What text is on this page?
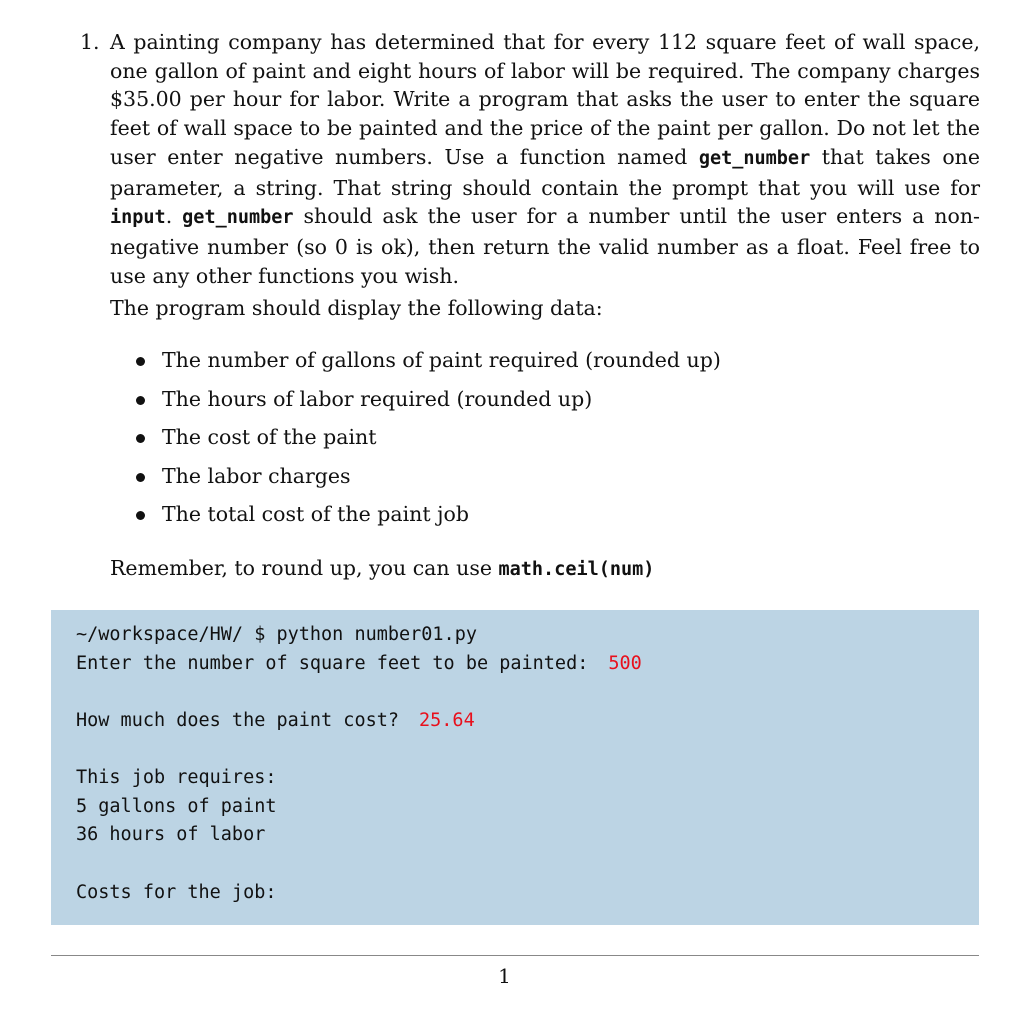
1. A painting company has determined that for every 112 square feet of wall space, one gallon of paint and eight hours of labor will be required. The company charges $35.00 per hour for labor. Write a program that asks the user to enter the square feet of wall space to be painted and the price of the paint per gallon. Do not let the user enter negative numbers. Use a function named get_number that takes one parameter, a string. That string should contain the prompt that you will use for input. get_number should ask the user for a number until the user enters a non-negative number (so 0 is ok), then return the valid number as a float. Feel free to use any other functions you wish.

The program should display the following data:

The number of gallons of paint required (rounded up)
The hours of labor required (rounded up)
The cost of the paint
The labor charges
The total cost of the paint job

Remember, to round up, you can use math.ceil(num)

~/workspace/HW/ $ python number01.py
Enter the number of square feet to be painted: 500
How much does the paint cost? 25.64
This job requires:
5 gallons of paint
36 hours of labor
Costs for the job:
1
